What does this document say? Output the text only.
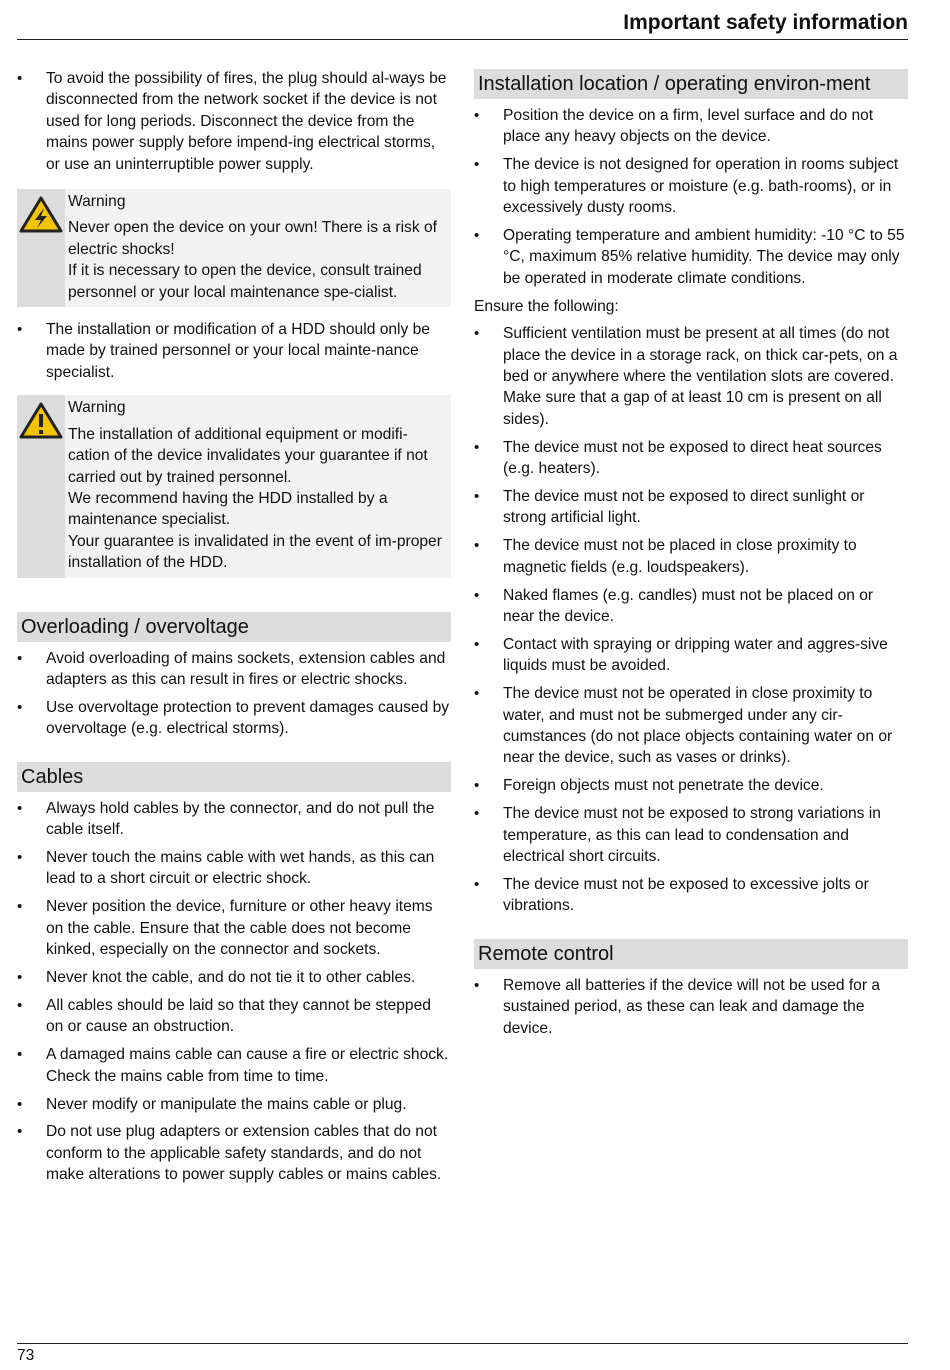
Important safety information
• To avoid the possibility of fires, the plug should al-ways be disconnected from the network socket if the device is not used for long periods. Disconnect the device from the mains power supply before impend-ing electrical storms, or use an uninterruptible power supply.
Warning
Never open the device on your own! There is a risk of electric shocks!
If it is necessary to open the device, consult trained personnel or your local maintenance spe-cialist.
• The installation or modification of a HDD should only be made by trained personnel or your local mainte-nance specialist.
Warning
The installation of additional equipment or modifi-cation of the device invalidates your guarantee if not carried out by trained personnel.
We recommend having the HDD installed by a maintenance specialist.
Your guarantee is invalidated in the event of im-proper installation of the HDD.
Overloading / overvoltage
• Avoid overloading of mains sockets, extension cables and adapters as this can result in fires or electric shocks.
• Use overvoltage protection to prevent damages caused by overvoltage (e.g. electrical storms).
Cables
• Always hold cables by the connector, and do not pull the cable itself.
• Never touch the mains cable with wet hands, as this can lead to a short circuit or electric shock.
• Never position the device, furniture or other heavy items on the cable. Ensure that the cable does not become kinked, especially on the connector and sockets.
• Never knot the cable, and do not tie it to other cables.
• All cables should be laid so that they cannot be stepped on or cause an obstruction.
• A damaged mains cable can cause a fire or electric shock. Check the mains cable from time to time.
• Never modify or manipulate the mains cable or plug.
• Do not use plug adapters or extension cables that do not conform to the applicable safety standards, and do not make alterations to power supply cables or mains cables.
Installation location / operating environ-ment
• Position the device on a firm, level surface and do not place any heavy objects on the device.
• The device is not designed for operation in rooms subject to high temperatures or moisture (e.g. bath-rooms), or in excessively dusty rooms.
• Operating temperature and ambient humidity: -10 °C to 55 °C, maximum 85% relative humidity. The device may only be operated in moderate climate conditions.

Ensure the following:

• Sufficient ventilation must be present at all times (do not place the device in a storage rack, on thick car-pets, on a bed or anywhere where the ventilation slots are covered. Make sure that a gap of at least 10 cm is present on all sides).
• The device must not be exposed to direct heat sources (e.g. heaters).
• The device must not be exposed to direct sunlight or strong artificial light.
• The device must not be placed in close proximity to magnetic fields (e.g. loudspeakers).
• Naked flames (e.g. candles) must not be placed on or near the device.
• Contact with spraying or dripping water and aggres-sive liquids must be avoided.
• The device must not be operated in close proximity to water, and must not be submerged under any cir-cumstances (do not place objects containing water on or near the device, such as vases or drinks).
• Foreign objects must not penetrate the device.
• The device must not be exposed to strong variations in temperature, as this can lead to condensation and electrical short circuits.
• The device must not be exposed to excessive jolts or vibrations.
Remote control
• Remove all batteries if the device will not be used for a sustained period, as these can leak and damage the device.
73
